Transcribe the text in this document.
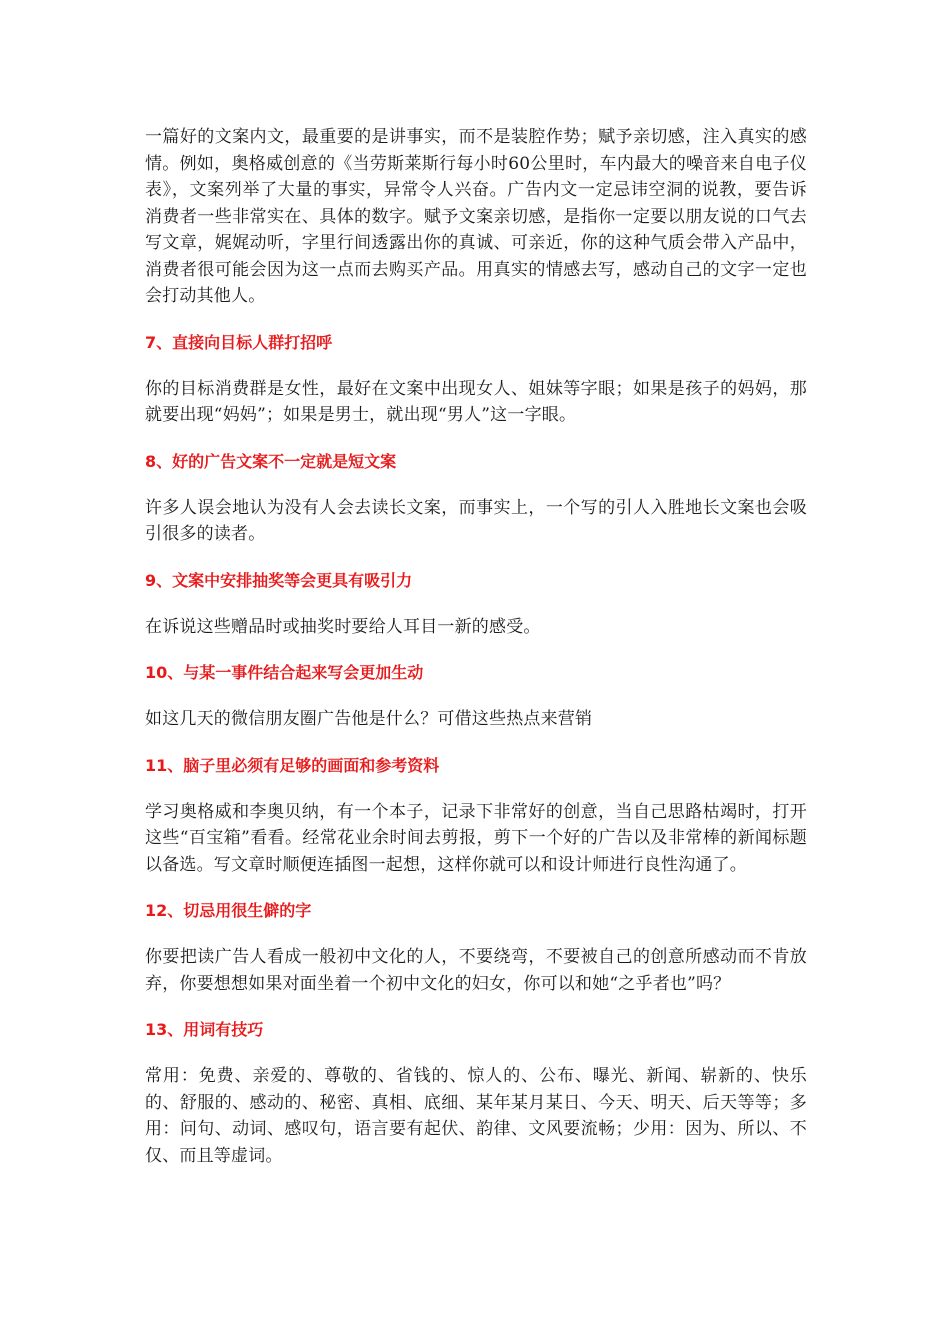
一篇好的文案内文，最重要的是讲事实，而不是装腔作势；赋予亲切感，注入真实的感情。例如，奥格威创意的《当劳斯莱斯行每小时60公里时，车内最大的噪音来自电子仪表》，文案列举了大量的事实，异常令人兴奋。广告内文一定忌讳空洞的说教，要告诉消费者一些非常实在、具体的数字。赋予文案亲切感，是指你一定要以朋友说的口气去写文章，娓娓动听，字里行间透露出你的真诚、可亲近，你的这种气质会带入产品中，消费者很可能会因为这一点而去购买产品。用真实的情感去写，感动自己的文字一定也会打动其他人。

7、直接向目标人群打招呼

你的目标消费群是女性，最好在文案中出现女人、姐妹等字眼；如果是孩子的妈妈，那就要出现“妈妈”；如果是男士，就出现“男人”这一字眼。

8、好的广告文案不一定就是短文案

许多人误会地认为没有人会去读长文案，而事实上，一个写的引人入胜地长文案也会吸引很多的读者。

9、文案中安排抽奖等会更具有吸引力

在诉说这些赠品时或抽奖时要给人耳目一新的感受。

10、与某一事件结合起来写会更加生动

如这几天的微信朋友圈广告他是什么？可借这些热点来营销

11、脑子里必须有足够的画面和参考资料

学习奥格威和李奥贝纳，有一个本子，记录下非常好的创意，当自己思路枯竭时，打开这些“百宝箱”看看。经常花业余时间去剪报，剪下一个好的广告以及非常棒的新闻标题以备选。写文章时顺便连插图一起想，这样你就可以和设计师进行良性沟通了。

12、切忌用很生僻的字

你要把读广告人看成一般初中文化的人，不要绕弯，不要被自己的创意所感动而不肯放弃，你要想想如果对面坐着一个初中文化的妇女，你可以和她“之乎者也”吗？

13、用词有技巧

常用：免费、亲爱的、尊敬的、省钱的、惊人的、公布、曝光、新闻、崭新的、快乐的、舒服的、感动的、秘密、真相、底细、某年某月某日、今天、明天、后天等等；多用：问句、动词、感叹句，语言要有起伏、韵律、文风要流畅；少用：因为、所以、不仅、而且等虚词。
